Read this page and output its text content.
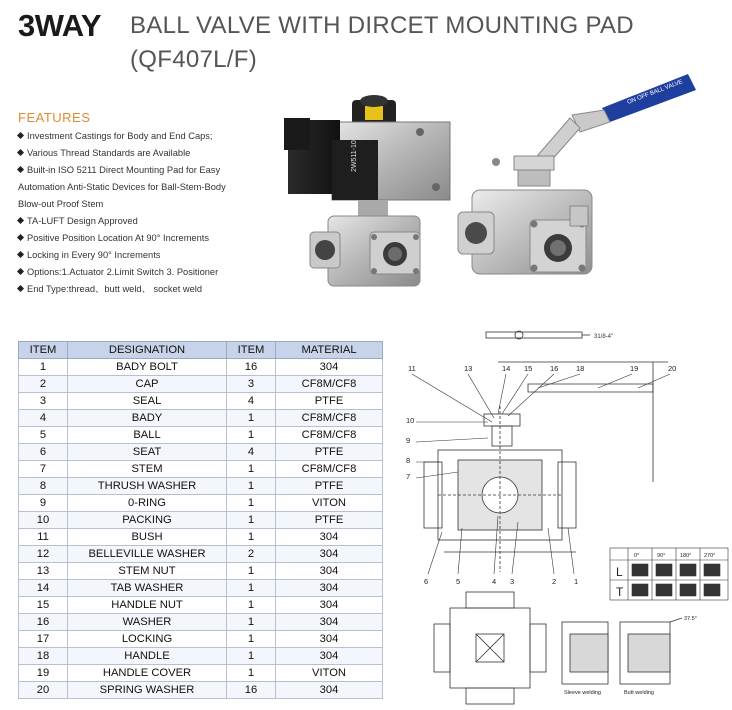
3WAY BALL VALVE WITH DIRCET MOUNTING PAD
(QF407L/F)
FEATURES
Investment Castings for Body and End Caps;
Various Thread Standards are Available
Built-in ISO 5211 Direct Mounting Pad for Easy
Automation Anti-Static Devices for Ball-Stem-Body
Blow-out Proof Stem
TA-LUFT Design Approved
Positive Position Location At 90° Increments
Locking in Every 90° Increments
Options:1.Actuator 2.Limit Switch 3. Positioner
End Type:thread、butt weld、 socket weld
2W511-10
ON OFF BALL VALVE
ITEM	DESIGNATION	ITEM	MATERIAL
1	BADY BOLT	16	304
2	CAP	3	CF8M/CF8
3	SEAL	4	PTFE
4	BADY	1	CF8M/CF8
5	BALL	1	CF8M/CF8
6	SEAT	4	PTFE
7	STEM	1	CF8M/CF8
8	THRUSH WASHER	1	PTFE
9	0-RING	1	VITON
10	PACKING	1	PTFE
11	BUSH	1	304
12	BELLEVILLE WASHER	2	304
13	STEM NUT	1	304
14	TAB WASHER	1	304
15	HANDLE NUT	1	304
16	WASHER	1	304
17	LOCKING	1	304
18	HANDLE	1	304
19	HANDLE COVER	1	VITON
20	SPRING WASHER	16	304
31/8-4"
11	13	14 15 16 18	19	20
10
9
8
7
6	5	4 3	2 1
L
T
0°	90°	180° 270°
Sleeve welding
37.5°
Butt welding
